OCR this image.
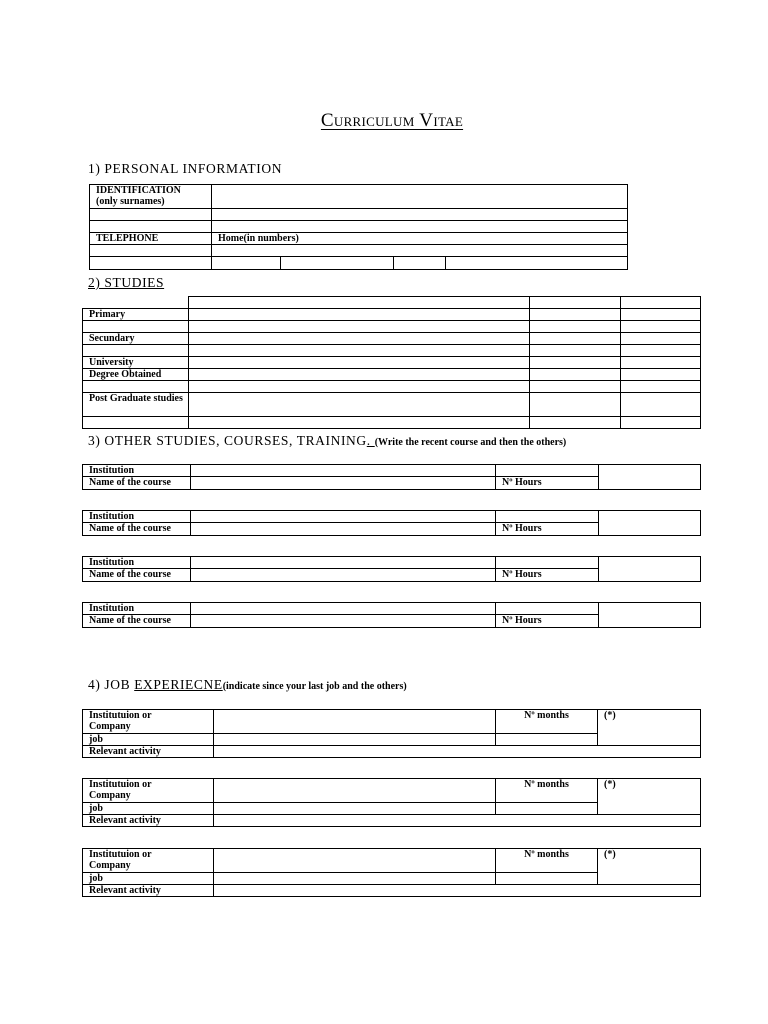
Curriculum Vitae
1) PERSONAL INFORMATION
IDENTIFICATION
(only surnames)				

TELEPHONE	Home(in numbers)			

2) STUDIES

Primary			

Secundary			

University			
Degree Obtained			

Post Graduate studies			

3) OTHER STUDIES, COURSES, TRAINING. (Write the recent course and then the others)
Institution			
Name of the course		Nº Hours	
Institution			
Name of the course		Nº Hours	
Institution			
Name of the course		Nº Hours	
Institution			
Name of the course		Nº Hours	
4) JOB EXPERIECNE(indicate since your last job and the others)
Institutuion or
Company		Nº months	(*)
job			
Relevant activity			
Institutuion or
Company		Nº months	(*)
job			
Relevant activity			
Institutuion or
Company		Nº months	(*)
job			
Relevant activity			
